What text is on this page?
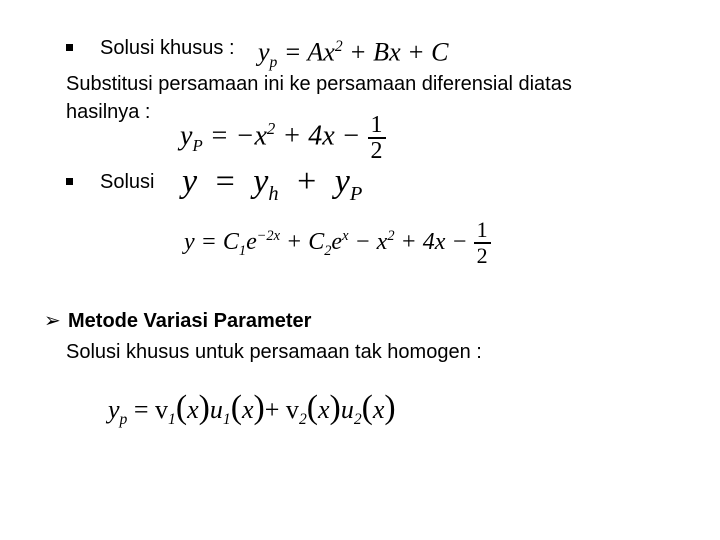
Solusi khusus : $y_p = Ax^2 + Bx + C$
Substitusi persamaan ini ke persamaan diferensial diatas
hasilnya :
$y_P = -x^2 + 4x - \frac{1}{2}$
Solusi $y = y_h + y_P$
$y = C_1e^{-2x} + C_2e^x - x^2 + 4x - \frac{1}{2}$
➢ Metode Variasi Parameter
Solusi khusus untuk persamaan tak homogen :
$y_p = v_1(x)u_1(x)+ v_2(x)u_2(x)$
